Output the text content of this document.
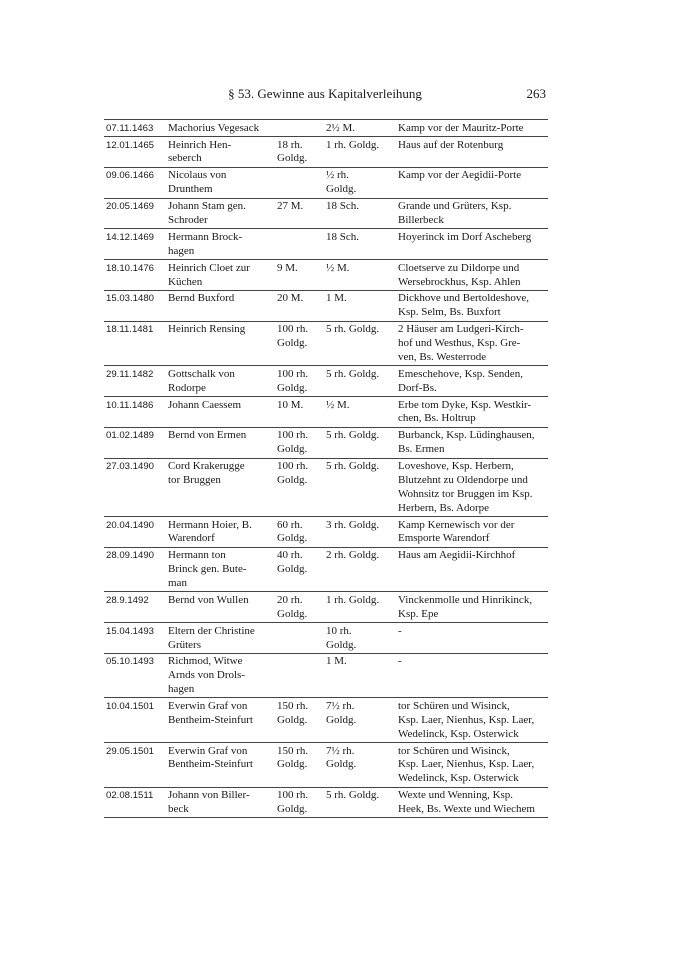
§ 53. Gewinne aus Kapitalverleihung	263
07.11.1463	Machorius Vegesack		2½ M.	Kamp vor der Mauritz-Porte
12.01.1465	Heinrich Hen-
seberch	18 rh.
Goldg.	1 rh. Goldg.	Haus auf der Rotenburg
09.06.1466	Nicolaus von
Drunthem		½ rh.
Goldg.	Kamp vor der Aegidii-Porte
20.05.1469	Johann Stam gen.
Schroder	27 M.	18 Sch.	Grande und Grüters, Ksp.
Billerbeck
14.12.1469	Hermann Brock-
hagen		18 Sch.	Hoyerinck im Dorf Ascheberg
18.10.1476	Heinrich Cloet zur
Küchen	9 M.	½ M.	Cloetserve zu Dildorpe und
Wersebrockhus, Ksp. Ahlen
15.03.1480	Bernd Buxford	20 M.	1 M.	Dickhove und Bertoldeshove,
Ksp. Selm, Bs. Buxfort
18.11.1481	Heinrich Rensing	100 rh.
Goldg.	5 rh. Goldg.	2 Häuser am Ludgeri-Kirch-
hof und Westhus, Ksp. Gre-
ven, Bs. Westerrode
29.11.1482	Gottschalk von
Rodorpe	100 rh.
Goldg.	5 rh. Goldg.	Emeschehove, Ksp. Senden,
Dorf-Bs.
10.11.1486	Johann Caessem	10 M.	½ M.	Erbe tom Dyke, Ksp. Westkir-
chen, Bs. Holtrup
01.02.1489	Bernd von Ermen	100 rh.
Goldg.	5 rh. Goldg.	Burbanck, Ksp. Lüdinghausen,
Bs. Ermen
27.03.1490	Cord Krakerugge
tor Bruggen	100 rh.
Goldg.	5 rh. Goldg.	Loveshove, Ksp. Herbern,
Blutzehnt zu Oldendorpe und
Wohnsitz tor Bruggen im Ksp.
Herbern, Bs. Adorpe
20.04.1490	Hermann Hoier, B.
Warendorf	60 rh.
Goldg.	3 rh. Goldg.	Kamp Kernewisch vor der
Emsporte Warendorf
28.09.1490	Hermann ton
Brinck gen. Bute-
man	40 rh.
Goldg.	2 rh. Goldg.	Haus am Aegidii-Kirchhof
28.9.1492	Bernd von Wullen	20 rh.
Goldg.	1 rh. Goldg.	Vinckenmolle und Hinrikinck,
Ksp. Epe
15.04.1493	Eltern der Christine
Grüters		10 rh.
Goldg.	-
05.10.1493	Richmod, Witwe
Arnds von Drols-
hagen		1 M.	-
10.04.1501	Everwin Graf von
Bentheim-Steinfurt	150 rh.
Goldg.	7½ rh.
Goldg.	tor Schüren und Wisinck,
Ksp. Laer, Nienhus, Ksp. Laer,
Wedelinck, Ksp. Osterwick
29.05.1501	Everwin Graf von
Bentheim-Steinfurt	150 rh.
Goldg.	7½ rh.
Goldg.	tor Schüren und Wisinck,
Ksp. Laer, Nienhus, Ksp. Laer,
Wedelinck, Ksp. Osterwick
02.08.1511	Johann von Biller-
beck	100 rh.
Goldg.	5 rh. Goldg.	Wexte und Wenning, Ksp.
Heek, Bs. Wexte und Wiechem
